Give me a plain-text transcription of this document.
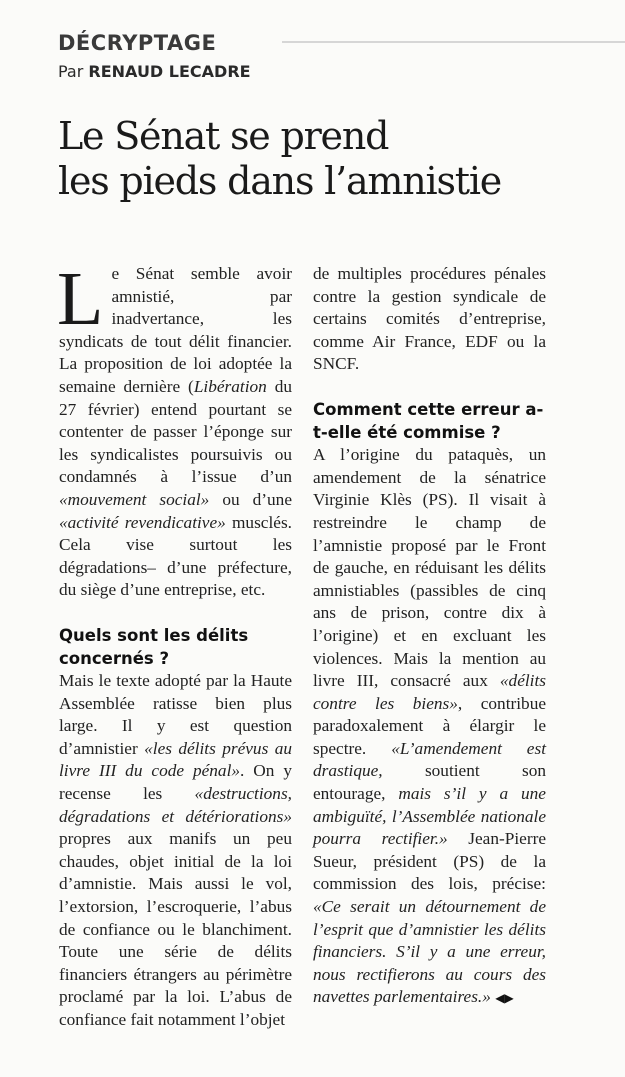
DÉCRYPTAGE
Par RENAUD LECADRE
Le Sénat se prend
les pieds dans l’amnistie

Le Sénat semble avoir amnistié, par inadvertance, les syndicats de tout délit financier. La proposition de loi adoptée la semaine dernière (Libération du 27 février) entend pourtant se contenter de passer l’éponge sur les syndicalistes poursuivis ou condamnés à l’issue d’un «mouvement social» ou d’une «activité revendicative» musclés. Cela vise surtout les dégradations– d’une préfecture, du siège d’une entreprise, etc.

Quels sont les délits concernés ?

Mais le texte adopté par la Haute Assemblée ratisse bien plus large. Il y est question d’amnistier «les délits prévus au livre III du code pénal». On y recense les «destructions, dégradations et détériorations» propres aux manifs un peu chaudes, objet initial de la loi d’amnistie. Mais aussi le vol, l’extorsion, l’escroquerie, l’abus de confiance ou le blanchiment. Toute une série de délits financiers étrangers au périmètre proclamé par la loi. L’abus de confiance fait notamment l’objet

de multiples procédures pénales contre la gestion syndicale de certains comités d’entreprise, comme Air France, EDF ou la SNCF.

Comment cette erreur a-t-elle été commise ?

A l’origine du pataquès, un amendement de la sénatrice Virginie Klès (PS). Il visait à restreindre le champ de l’amnistie proposé par le Front de gauche, en réduisant les délits amnistiables (passibles de cinq ans de prison, contre dix à l’origine) et en excluant les violences. Mais la mention au livre III, consacré aux «délits contre les biens», contribue paradoxalement à élargir le spectre. «L’amendement est drastique, soutient son entourage, mais s’il y a une ambiguïté, l’Assemblée nationale pourra rectifier.» Jean-Pierre Sueur, président (PS) de la commission des lois, précise: «Ce serait un détournement de l’esprit que d’amnistier les délits financiers. S’il y a une erreur, nous rectifierons au cours des navettes parlementaires.» ◀▶
